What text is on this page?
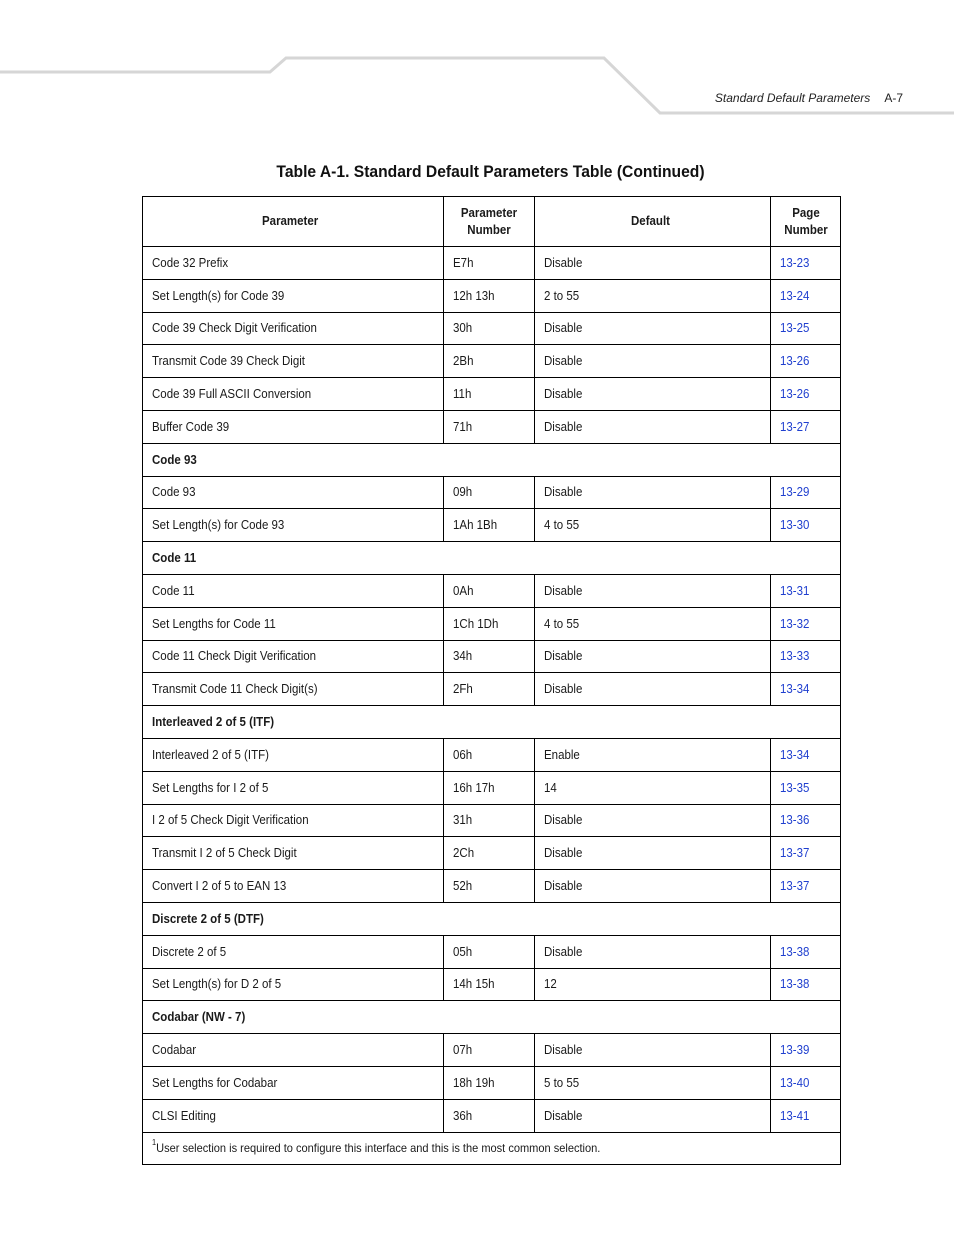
Standard Default Parameters A-7
Table A-1. Standard Default Parameters Table (Continued)
Parameter	Parameter Number	Default	Page Number
Code 32 Prefix	E7h	Disable	13-23
Set Length(s) for Code 39	12h 13h	2 to 55	13-24
Code 39 Check Digit Verification	30h	Disable	13-25
Transmit Code 39 Check Digit	2Bh	Disable	13-26
Code 39 Full ASCII Conversion	11h	Disable	13-26
Buffer Code 39	71h	Disable	13-27
Code 93			
Code 93	09h	Disable	13-29
Set Length(s) for Code 93	1Ah 1Bh	4 to 55	13-30
Code 11			
Code 11	0Ah	Disable	13-31
Set Lengths for Code 11	1Ch 1Dh	4 to 55	13-32
Code 11 Check Digit Verification	34h	Disable	13-33
Transmit Code 11 Check Digit(s)	2Fh	Disable	13-34
Interleaved 2 of 5 (ITF)			
Interleaved 2 of 5 (ITF)	06h	Enable	13-34
Set Lengths for I 2 of 5	16h 17h	14	13-35
I 2 of 5 Check Digit Verification	31h	Disable	13-36
Transmit I 2 of 5 Check Digit	2Ch	Disable	13-37
Convert I 2 of 5 to EAN 13	52h	Disable	13-37
Discrete 2 of 5 (DTF)			
Discrete 2 of 5	05h	Disable	13-38
Set Length(s) for D 2 of 5	14h 15h	12	13-38
Codabar (NW - 7)			
Codabar	07h	Disable	13-39
Set Lengths for Codabar	18h 19h	5 to 55	13-40
CLSI Editing	36h	Disable	13-41
$^1$User selection is required to configure this interface and this is the most common selection.			
